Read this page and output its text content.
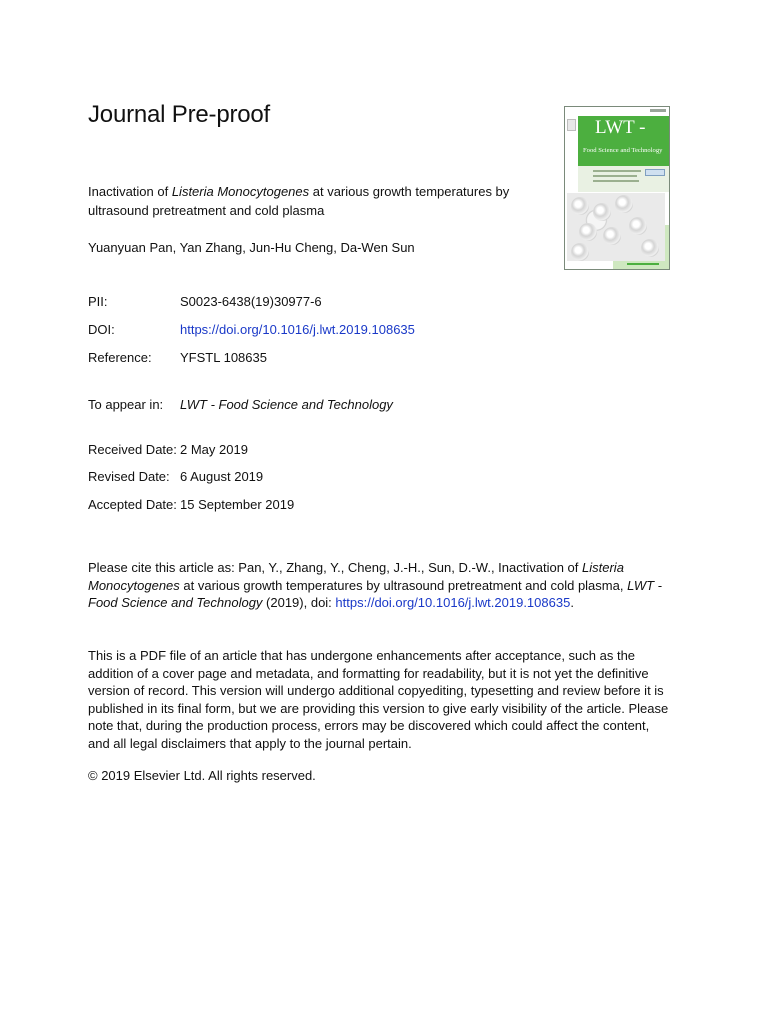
Journal Pre-proof

Inactivation of Listeria Monocytogenes at various growth temperatures by ultrasound pretreatment and cold plasma

Yuanyuan Pan, Yan Zhang, Jun-Hu Cheng, Da-Wen Sun

PII:	S0023-6438(19)30977-6
DOI:	https://doi.org/10.1016/j.lwt.2019.108635
Reference: YFSTL 108635
To appear in: LWT - Food Science and Technology
Received Date: 2 May 2019
Revised Date: 6 August 2019
Accepted Date: 15 September 2019

Please cite this article as: Pan, Y., Zhang, Y., Cheng, J.-H., Sun, D.-W., Inactivation of Listeria Monocytogenes at various growth temperatures by ultrasound pretreatment and cold plasma, LWT - Food Science and Technology (2019), doi: https://doi.org/10.1016/j.lwt.2019.108635.

This is a PDF file of an article that has undergone enhancements after acceptance, such as the addition of a cover page and metadata, and formatting for readability, but it is not yet the definitive version of record. This version will undergo additional copyediting, typesetting and review before it is published in its final form, but we are providing this version to give early visibility of the article. Please note that, during the production process, errors may be discovered which could affect the content, and all legal disclaimers that apply to the journal pertain.

© 2019 Elsevier Ltd. All rights reserved.

LWT -
Food Science and Technology
